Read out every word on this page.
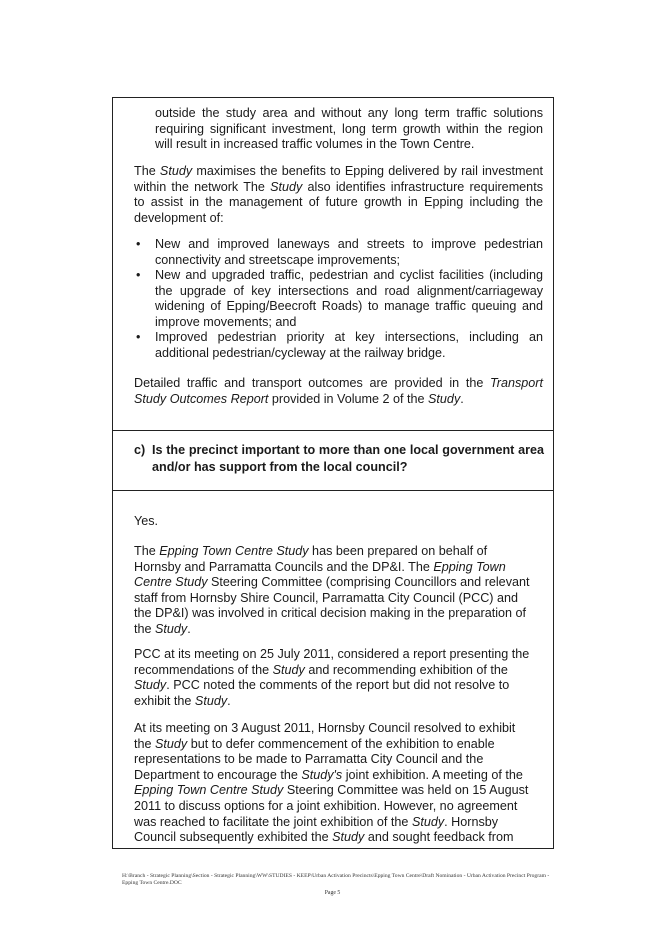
outside the study area and without any long term traffic solutions requiring significant investment, long term growth within the region will result in increased traffic volumes in the Town Centre.

The Study maximises the benefits to Epping delivered by rail investment within the network The Study also identifies infrastructure requirements to assist in the management of future growth in Epping including the development of:

• New and improved laneways and streets to improve pedestrian connectivity and streetscape improvements;
• New and upgraded traffic, pedestrian and cyclist facilities (including the upgrade of key intersections and road alignment/carriageway widening of Epping/Beecroft Roads) to manage traffic queuing and improve movements; and
• Improved pedestrian priority at key intersections, including an additional pedestrian/cycleway at the railway bridge.

Detailed traffic and transport outcomes are provided in the Transport Study Outcomes Report provided in Volume 2 of the Study.

c) Is the precinct important to more than one local government area and/or has support from the local council?

Yes.

The Epping Town Centre Study has been prepared on behalf of
Hornsby and Parramatta Councils and the DP&I. The Epping Town
Centre Study Steering Committee (comprising Councillors and relevant
staff from Hornsby Shire Council, Parramatta City Council (PCC) and
the DP&I) was involved in critical decision making in the preparation of
the Study.

PCC at its meeting on 25 July 2011, considered a report presenting the
recommendations of the Study and recommending exhibition of the
Study. PCC noted the comments of the report but did not resolve to
exhibit the Study.

At its meeting on 3 August 2011, Hornsby Council resolved to exhibit
the Study but to defer commencement of the exhibition to enable
representations to be made to Parramatta City Council and the
Department to encourage the Study's joint exhibition. A meeting of the
Epping Town Centre Study Steering Committee was held on 15 August
2011 to discuss options for a joint exhibition. However, no agreement
was reached to facilitate the joint exhibition of the Study. Hornsby
Council subsequently exhibited the Study and sought feedback from

H:\Branch - Strategic Planning\Section - Strategic Planning\WW\STUDIES - KEEP\Urban Activation Precincts\Epping Town Centre\Draft Nomination - Urban Activation Precinct Program - Epping Town Centre.DOC
Page 5
